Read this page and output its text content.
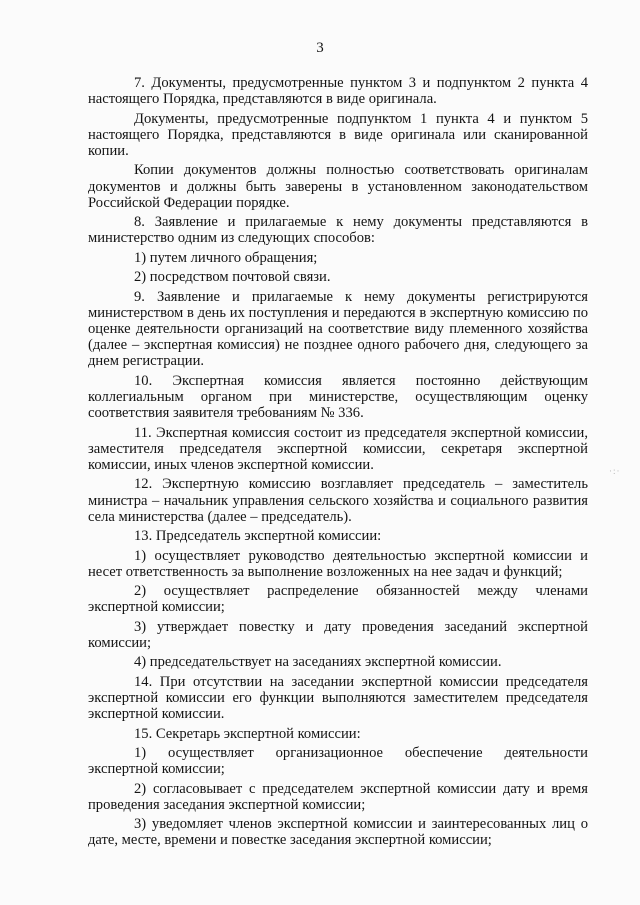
3

7. Документы, предусмотренные пунктом 3 и подпунктом 2 пункта 4 настоящего Порядка, представляются в виде оригинала.

Документы, предусмотренные подпунктом 1 пункта 4 и пунктом 5 настоящего Порядка, представляются в виде оригинала или сканированной копии.

Копии документов должны полностью соответствовать оригиналам документов и должны быть заверены в установленном законодательством Российской Федерации порядке.

8. Заявление и прилагаемые к нему документы представляются в министерство одним из следующих способов:

1) путем личного обращения;

2) посредством почтовой связи.

9. Заявление и прилагаемые к нему документы регистрируются министерством в день их поступления и передаются в экспертную комиссию по оценке деятельности организаций на соответствие виду племенного хозяйства (далее – экспертная комиссия) не позднее одного рабочего дня, следующего за днем регистрации.

10. Экспертная комиссия является постоянно действующим коллегиальным органом при министерстве, осуществляющим оценку соответствия заявителя требованиям № 336.

11. Экспертная комиссия состоит из председателя экспертной комиссии, заместителя председателя экспертной комиссии, секретаря экспертной комиссии, иных членов экспертной комиссии.

12. Экспертную комиссию возглавляет председатель – заместитель министра – начальник управления сельского хозяйства и социального развития села министерства (далее – председатель).

13. Председатель экспертной комиссии:

1) осуществляет руководство деятельностью экспертной комиссии и несет ответственность за выполнение возложенных на нее задач и функций;

2) осуществляет распределение обязанностей между членами экспертной комиссии;

3) утверждает повестку и дату проведения заседаний экспертной комиссии;

4) председательствует на заседаниях экспертной комиссии.

14. При отсутствии на заседании экспертной комиссии председателя экспертной комиссии его функции выполняются заместителем председателя экспертной комиссии.

15. Секретарь экспертной комиссии:

1) осуществляет организационное обеспечение деятельности экспертной комиссии;

2) согласовывает с председателем экспертной комиссии дату и время проведения заседания экспертной комиссии;

3) уведомляет членов экспертной комиссии и заинтересованных лиц о дате, месте, времени и повестке заседания экспертной комиссии;

·:·
